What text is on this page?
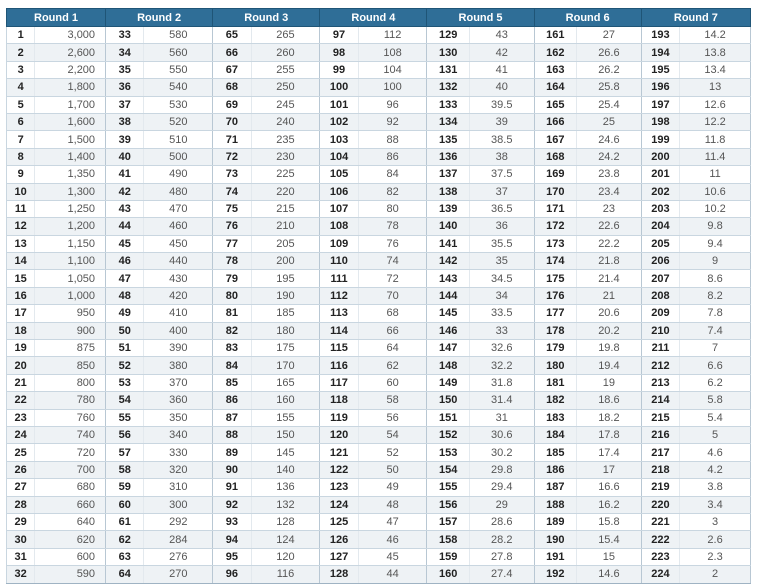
Round 1		Round 2		Round 3		Round 4		Round 5		Round 6		Round 7	
1	3,000	33	580	65	265	97	112	129	43	161	27	193	14.2
2	2,600	34	560	66	260	98	108	130	42	162	26.6	194	13.8
3	2,200	35	550	67	255	99	104	131	41	163	26.2	195	13.4
4	1,800	36	540	68	250	100	100	132	40	164	25.8	196	13
5	1,700	37	530	69	245	101	96	133	39.5	165	25.4	197	12.6
6	1,600	38	520	70	240	102	92	134	39	166	25	198	12.2
7	1,500	39	510	71	235	103	88	135	38.5	167	24.6	199	11.8
8	1,400	40	500	72	230	104	86	136	38	168	24.2	200	11.4
9	1,350	41	490	73	225	105	84	137	37.5	169	23.8	201	11
10	1,300	42	480	74	220	106	82	138	37	170	23.4	202	10.6
11	1,250	43	470	75	215	107	80	139	36.5	171	23	203	10.2
12	1,200	44	460	76	210	108	78	140	36	172	22.6	204	9.8
13	1,150	45	450	77	205	109	76	141	35.5	173	22.2	205	9.4
14	1,100	46	440	78	200	110	74	142	35	174	21.8	206	9
15	1,050	47	430	79	195	111	72	143	34.5	175	21.4	207	8.6
16	1,000	48	420	80	190	112	70	144	34	176	21	208	8.2
17	950	49	410	81	185	113	68	145	33.5	177	20.6	209	7.8
18	900	50	400	82	180	114	66	146	33	178	20.2	210	7.4
19	875	51	390	83	175	115	64	147	32.6	179	19.8	211	7
20	850	52	380	84	170	116	62	148	32.2	180	19.4	212	6.6
21	800	53	370	85	165	117	60	149	31.8	181	19	213	6.2
22	780	54	360	86	160	118	58	150	31.4	182	18.6	214	5.8
23	760	55	350	87	155	119	56	151	31	183	18.2	215	5.4
24	740	56	340	88	150	120	54	152	30.6	184	17.8	216	5
25	720	57	330	89	145	121	52	153	30.2	185	17.4	217	4.6
26	700	58	320	90	140	122	50	154	29.8	186	17	218	4.2
27	680	59	310	91	136	123	49	155	29.4	187	16.6	219	3.8
28	660	60	300	92	132	124	48	156	29	188	16.2	220	3.4
29	640	61	292	93	128	125	47	157	28.6	189	15.8	221	3
30	620	62	284	94	124	126	46	158	28.2	190	15.4	222	2.6
31	600	63	276	95	120	127	45	159	27.8	191	15	223	2.3
32	590	64	270	96	116	128	44	160	27.4	192	14.6	224	2
